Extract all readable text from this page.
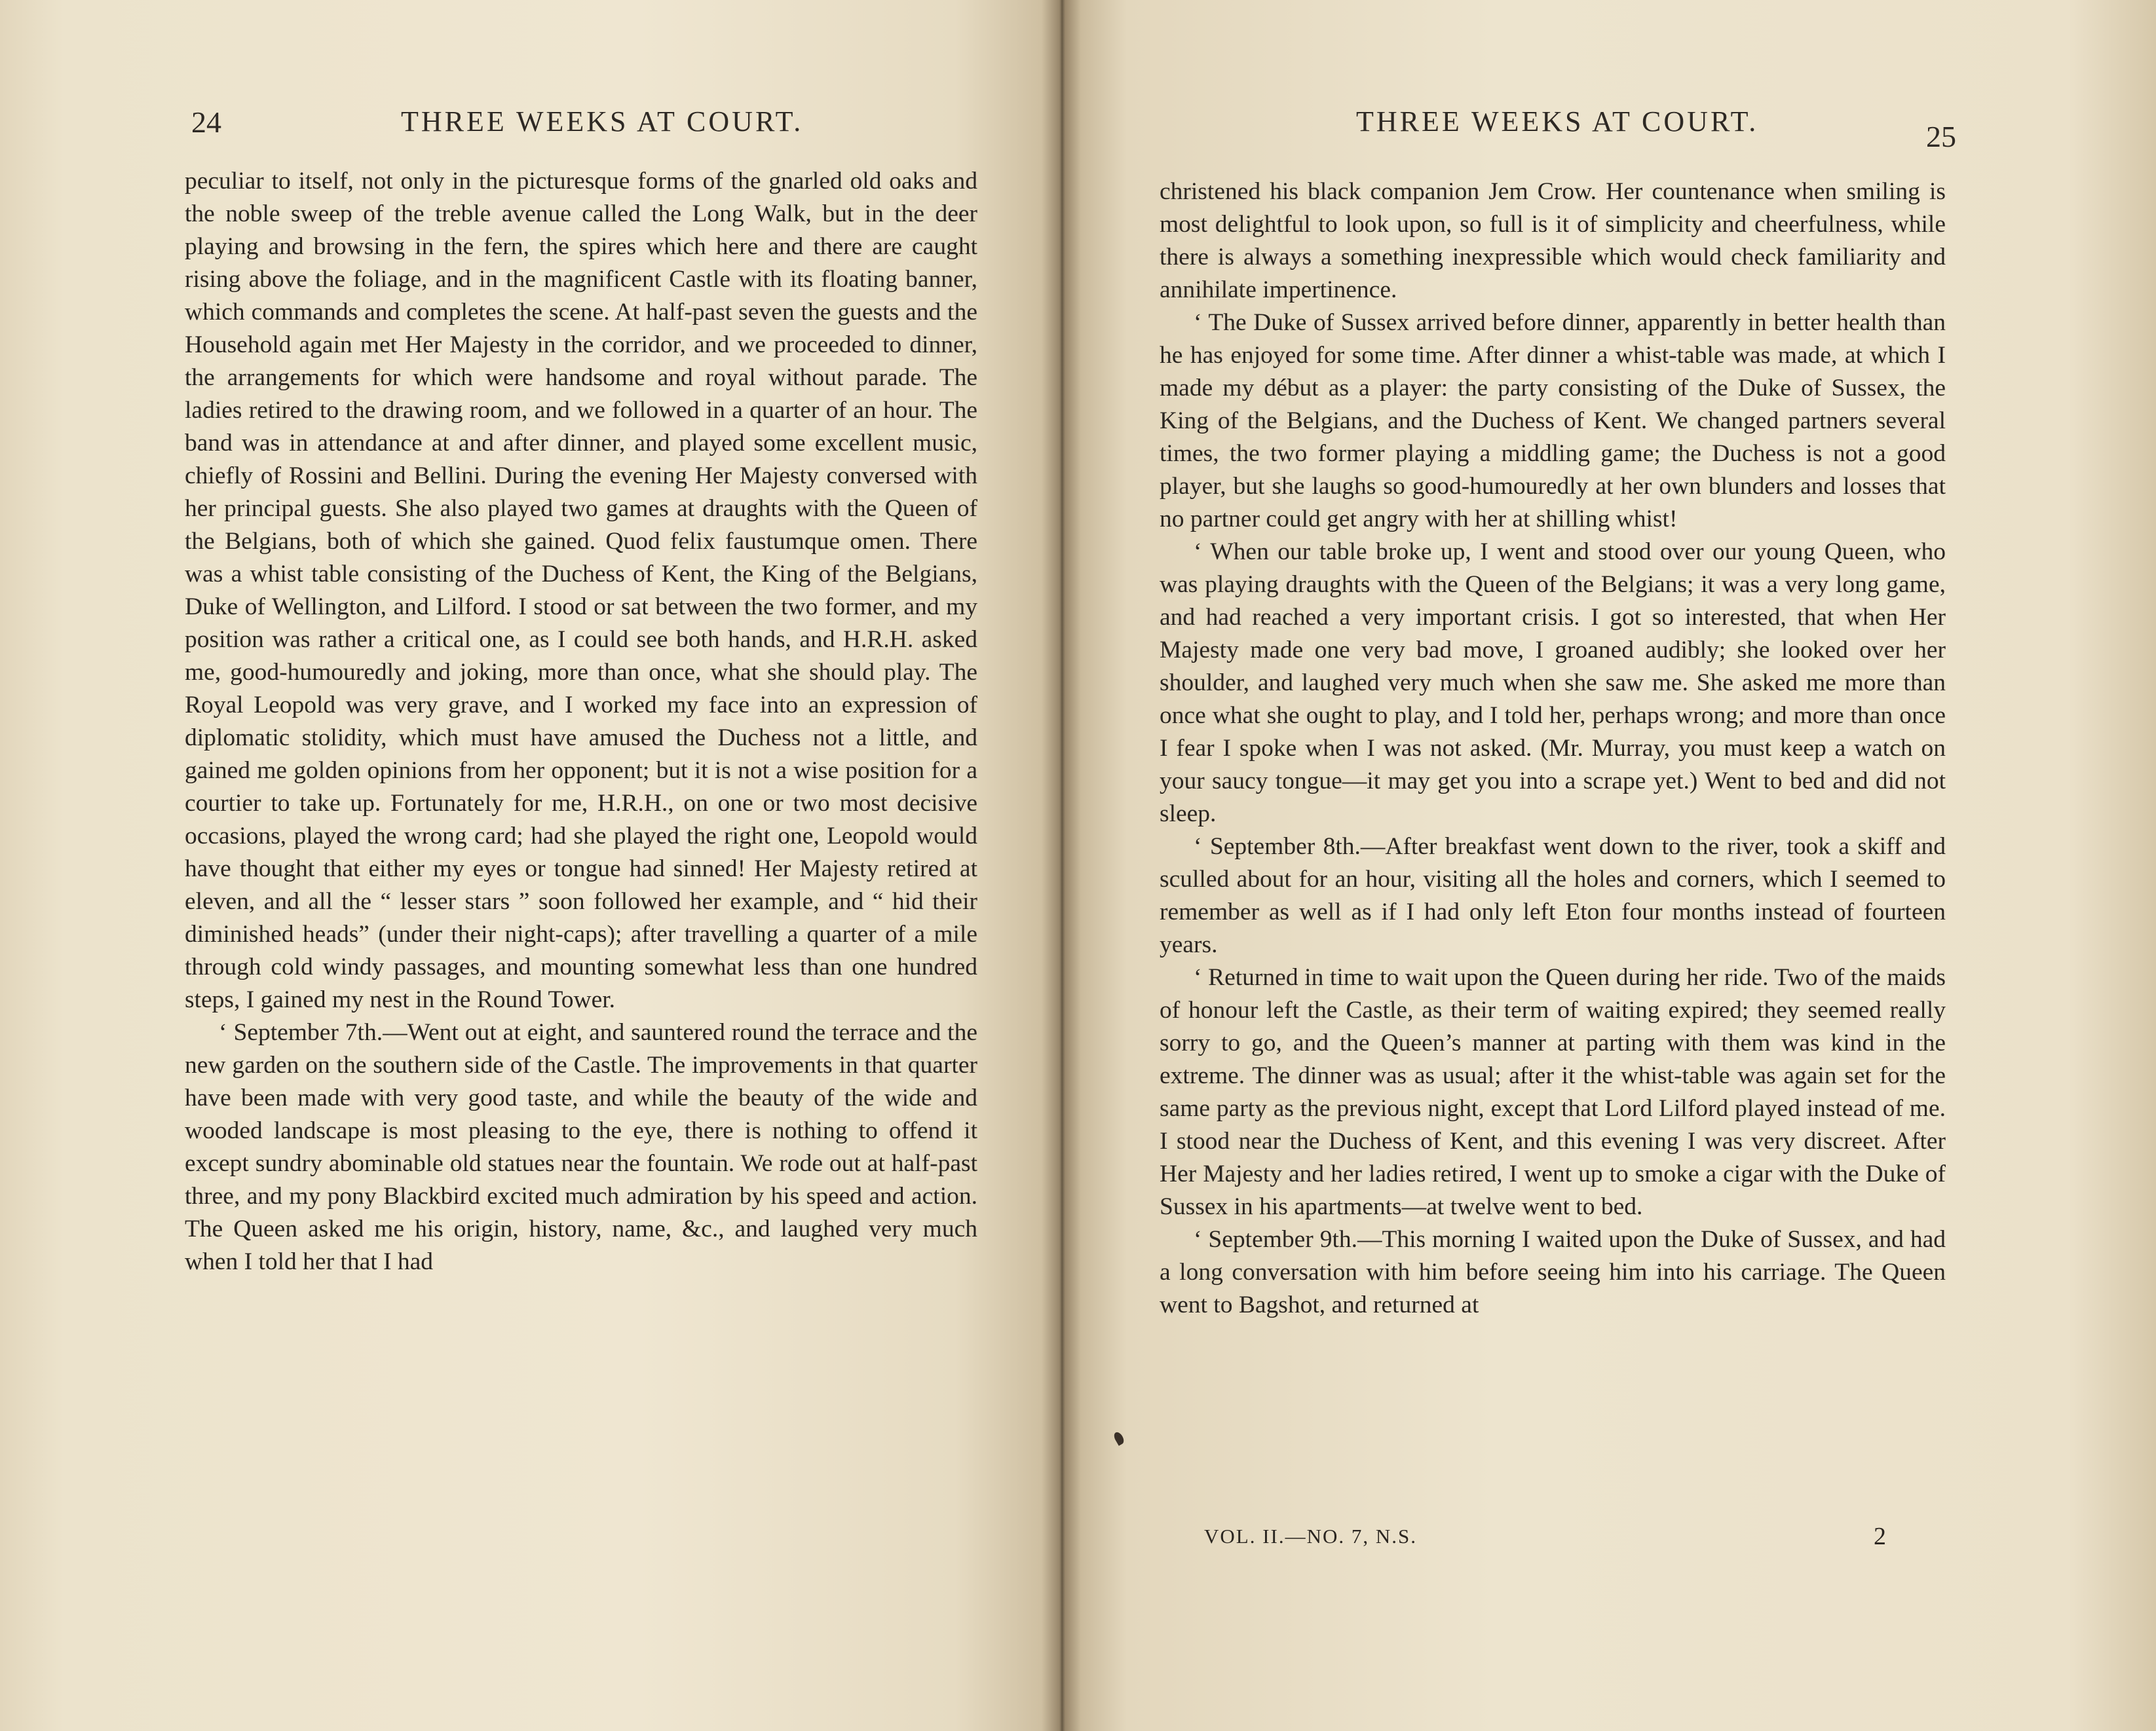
24	THREE WEEKS AT COURT.

peculiar to itself, not only in the picturesque forms of the gnarled old oaks and the noble sweep of the treble avenue called the Long Walk, but in the deer playing and browsing in the fern, the spires which here and there are caught rising above the foliage, and in the magnificent Castle with its floating banner, which commands and completes the scene. At half-past seven the guests and the Household again met Her Majesty in the corridor, and we proceeded to dinner, the arrangements for which were handsome and royal without parade. The ladies retired to the drawing room, and we followed in a quarter of an hour. The band was in attendance at and after dinner, and played some excellent music, chiefly of Rossini and Bellini. During the evening Her Majesty conversed with her principal guests. She also played two games at draughts with the Queen of the Belgians, both of which she gained. Quod felix faustumque omen. There was a whist table consisting of the Duchess of Kent, the King of the Belgians, Duke of Wellington, and Lilford. I stood or sat between the two former, and my position was rather a critical one, as I could see both hands, and H.R.H. asked me, good-humouredly and joking, more than once, what she should play. The Royal Leopold was very grave, and I worked my face into an expression of diplomatic stolidity, which must have amused the Duchess not a little, and gained me golden opinions from her opponent; but it is not a wise position for a courtier to take up. Fortunately for me, H.R.H., on one or two most decisive occasions, played the wrong card; had she played the right one, Leopold would have thought that either my eyes or tongue had sinned! Her Majesty retired at eleven, and all the “ lesser stars ” soon followed her example, and “ hid their diminished heads” (under their night-caps); after travelling a quarter of a mile through cold windy passages, and mounting somewhat less than one hundred steps, I gained my nest in the Round Tower.

‘ September 7th.—Went out at eight, and sauntered round the terrace and the new garden on the southern side of the Castle. The improvements in that quarter have been made with very good taste, and while the beauty of the wide and wooded landscape is most pleasing to the eye, there is nothing to offend it except sundry abominable old statues near the fountain. We rode out at half-past three, and my pony Blackbird excited much admiration by his speed and action. The Queen asked me his origin, history, name, &c., and laughed very much when I told her that I had

THREE WEEKS AT COURT.	25

christened his black companion Jem Crow. Her countenance when smiling is most delightful to look upon, so full is it of simplicity and cheerfulness, while there is always a something inexpressible which would check familiarity and annihilate impertinence.

‘ The Duke of Sussex arrived before dinner, apparently in better health than he has enjoyed for some time. After dinner a whist-table was made, at which I made my début as a player: the party consisting of the Duke of Sussex, the King of the Belgians, and the Duchess of Kent. We changed partners several times, the two former playing a middling game; the Duchess is not a good player, but she laughs so good-humouredly at her own blunders and losses that no partner could get angry with her at shilling whist!

‘ When our table broke up, I went and stood over our young Queen, who was playing draughts with the Queen of the Belgians; it was a very long game, and had reached a very important crisis. I got so interested, that when Her Majesty made one very bad move, I groaned audibly; she looked over her shoulder, and laughed very much when she saw me. She asked me more than once what she ought to play, and I told her, perhaps wrong; and more than once I fear I spoke when I was not asked. (Mr. Murray, you must keep a watch on your saucy tongue—it may get you into a scrape yet.) Went to bed and did not sleep.

‘ September 8th.—After breakfast went down to the river, took a skiff and sculled about for an hour, visiting all the holes and corners, which I seemed to remember as well as if I had only left Eton four months instead of fourteen years.

‘ Returned in time to wait upon the Queen during her ride. Two of the maids of honour left the Castle, as their term of waiting expired; they seemed really sorry to go, and the Queen’s manner at parting with them was kind in the extreme. The dinner was as usual; after it the whist-table was again set for the same party as the previous night, except that Lord Lilford played instead of me. I stood near the Duchess of Kent, and this evening I was very discreet. After Her Majesty and her ladies retired, I went up to smoke a cigar with the Duke of Sussex in his apartments—at twelve went to bed.

‘ September 9th.—This morning I waited upon the Duke of Sussex, and had a long conversation with him before seeing him into his carriage. The Queen went to Bagshot, and returned at

VOL. II.—NO. 7, N.S.	2
